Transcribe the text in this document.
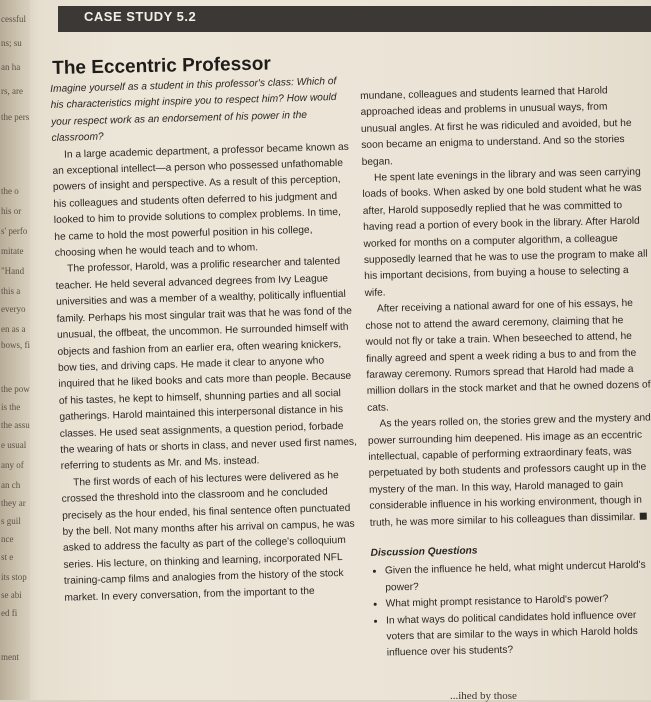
cessful
ns; su
an ha
rs, are
the pers
the o
his or
s' perfo
mitate
"Hand
this a
everyo
en as a
bows, fi
the pow
is the
the assu
e usual
any of
an ch
they ar
s guil
nce
st e
its stop
se abi
ed fi
ment
CASE STUDY 5.2
The Eccentric Professor

Imagine yourself as a student in this professor's class: Which of his characteristics might inspire you to respect him? How would your respect work as an endorsement of his power in the classroom?

In a large academic department, a professor became known as an exceptional intellect—a person who possessed unfathomable powers of insight and perspective. As a result of this perception, his colleagues and students often deferred to his judgment and looked to him to provide solutions to complex problems. In time, he came to hold the most powerful position in his college, choosing when he would teach and to whom.

The professor, Harold, was a prolific researcher and talented teacher. He held several advanced degrees from Ivy League universities and was a member of a wealthy, politically influential family. Perhaps his most singular trait was that he was fond of the unusual, the offbeat, the uncommon. He surrounded himself with objects and fashion from an earlier era, often wearing knickers, bow ties, and driving caps. He made it clear to anyone who inquired that he liked books and cats more than people. Because of his tastes, he kept to himself, shunning parties and all social gatherings. Harold maintained this interpersonal distance in his classes. He used seat assignments, a question period, forbade the wearing of hats or shorts in class, and never used first names, referring to students as Mr. and Ms. instead.

The first words of each of his lectures were delivered as he crossed the threshold into the classroom and he concluded precisely as the hour ended, his final sentence often punctuated by the bell. Not many months after his arrival on campus, he was asked to address the faculty as part of the college's colloquium series. His lecture, on thinking and learning, incorporated NFL training-camp films and analogies from the history of the stock market. In every conversation, from the important to the

mundane, colleagues and students learned that Harold approached ideas and problems in unusual ways, from unusual angles. At first he was ridiculed and avoided, but he soon became an enigma to understand. And so the stories began.

He spent late evenings in the library and was seen carrying loads of books. When asked by one bold student what he was after, Harold supposedly replied that he was committed to having read a portion of every book in the library. After Harold worked for months on a computer algorithm, a colleague supposedly learned that he was to use the program to make all his important decisions, from buying a house to selecting a wife.

After receiving a national award for one of his essays, he chose not to attend the award ceremony, claiming that he would not fly or take a train. When beseeched to attend, he finally agreed and spent a week riding a bus to and from the faraway ceremony. Rumors spread that Harold had made a million dollars in the stock market and that he owned dozens of cats.

As the years rolled on, the stories grew and the mystery and power surrounding him deepened. His image as an eccentric intellectual, capable of performing extraordinary feats, was perpetuated by both students and professors caught up in the mystery of the man. In this way, Harold managed to gain considerable influence in his working environment, though in truth, he was more similar to his colleagues than dissimilar.

Discussion Questions

• Given the influence he held, what might undercut Harold's power?
• What might prompt resistance to Harold's power?
• In what ways do political candidates hold influence over voters that are similar to the ways in which Harold holds influence over his students?
...ihed by those
